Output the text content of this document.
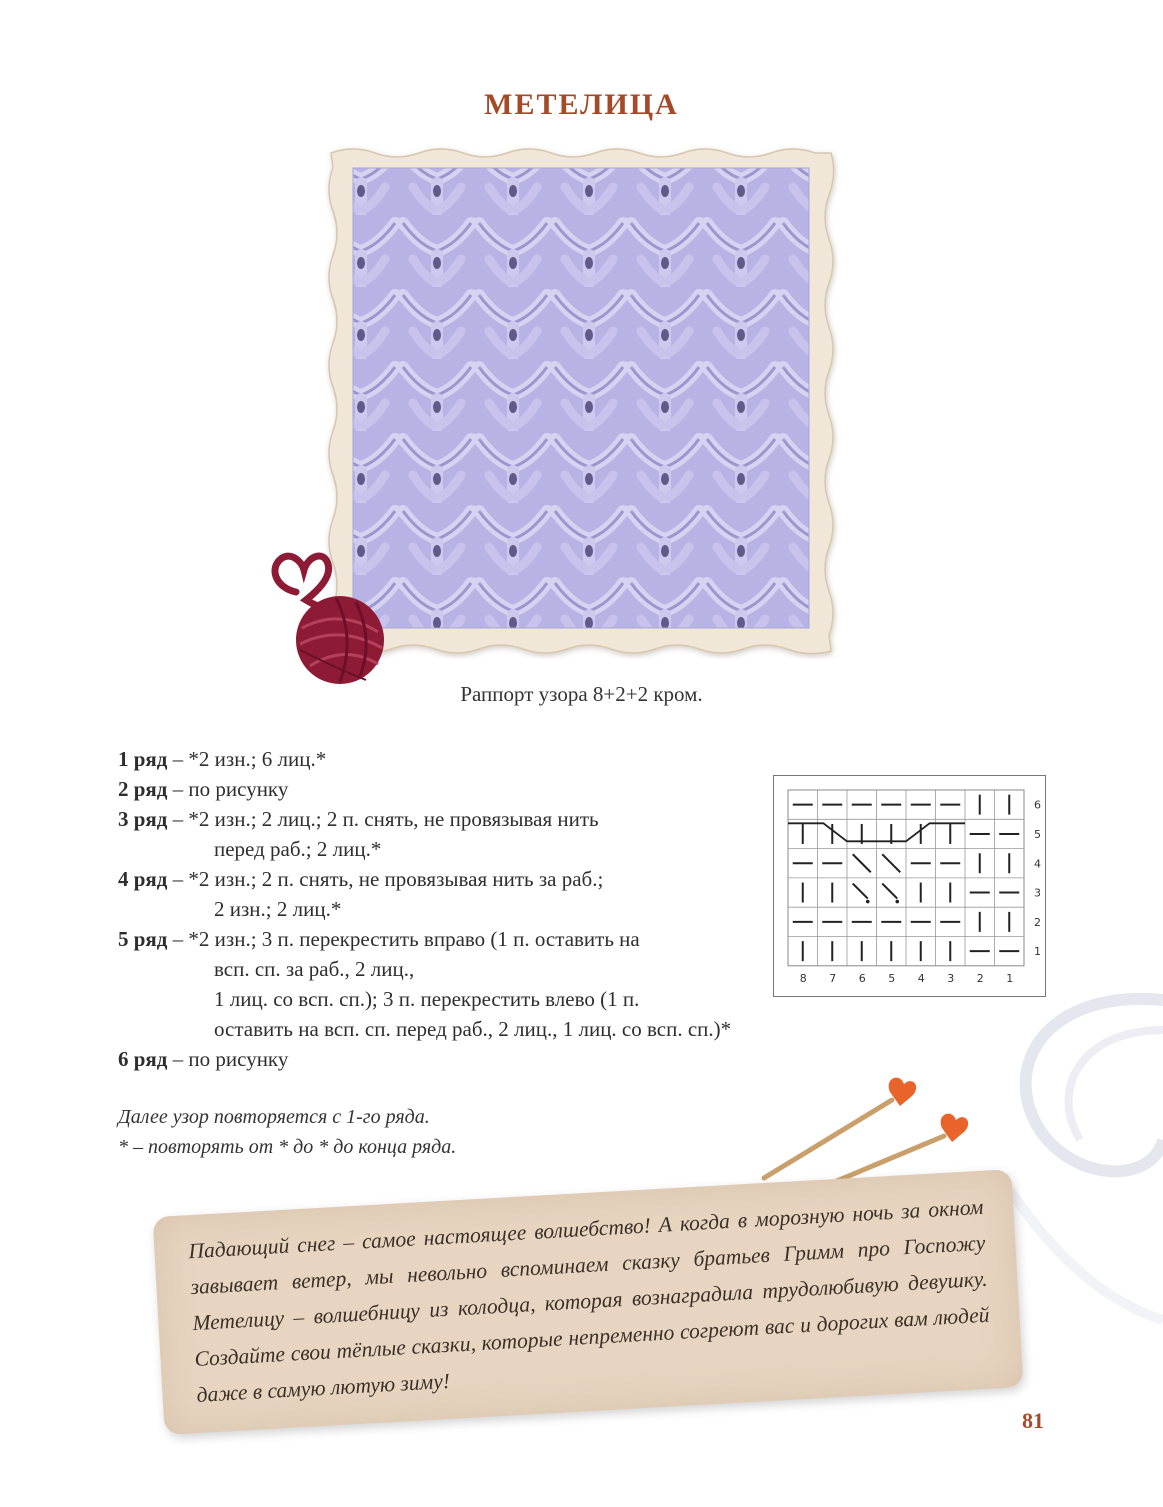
МЕТЕЛИЦА
Раппорт узора 8+2+2 кром.
1 ряд – *2 изн.; 6 лиц.*
2 ряд – по рисунку
3 ряд – *2 изн.; 2 лиц.; 2 п. снять, не провязывая нить
перед раб.; 2 лиц.*
4 ряд – *2 изн.; 2 п. снять, не провязывая нить за раб.;
2 изн.; 2 лиц.*
5 ряд – *2 изн.; 3 п. перекрестить вправо (1 п. оставить на
всп. сп. за раб., 2 лиц.,
1 лиц. со всп. сп.); 3 п. перекрестить влево (1 п.
оставить на всп. сп. перед раб., 2 лиц., 1 лиц. со всп. сп.)*
6 ряд – по рисунку
Далее узор повторяется с 1-го ряда.
* – повторять от * до * до конца ряда.
6
5
4
3
2
1
8 7 6 5 4 3 2 1
Падающий снег – самое настоящее волшебство! А когда в морозную ночь за окном завывает ветер, мы невольно вспоминаем сказку братьев Гримм про Госпожу Метелицу – волшебницу из колодца, которая вознаградила трудолюбивую девушку. Создайте свои тёплые сказки, которые непременно согреют вас и дорогих вам людей даже в самую лютую зиму!
81
